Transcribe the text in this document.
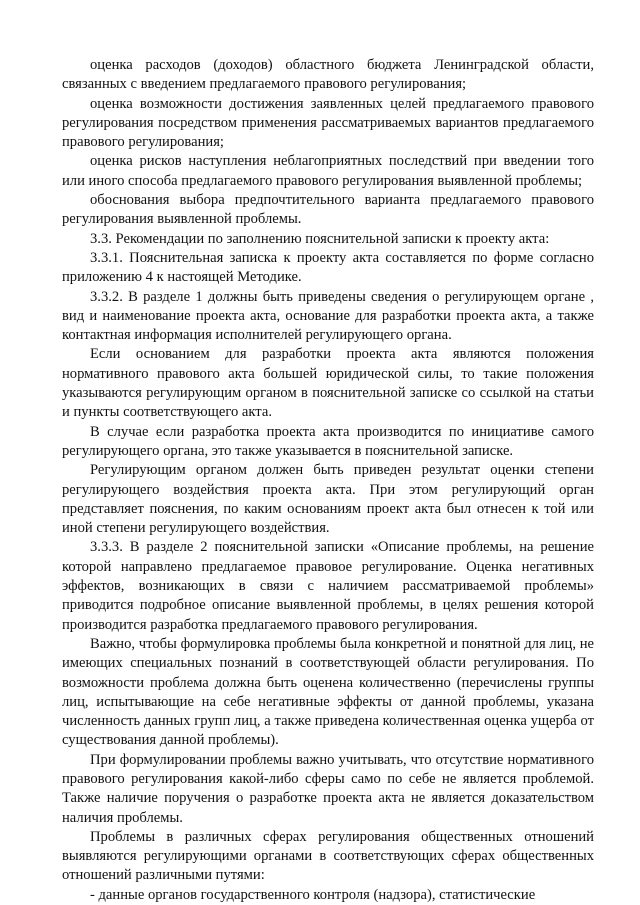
оценка расходов (доходов) областного бюджета Ленинградской области, связанных с введением предлагаемого правового регулирования;

оценка возможности достижения заявленных целей предлагаемого правового регулирования посредством применения рассматриваемых вариантов предлагаемого правового регулирования;

оценка рисков наступления неблагоприятных последствий при введении того или иного способа предлагаемого правового регулирования выявленной проблемы;

обоснования выбора предпочтительного варианта предлагаемого правового регулирования выявленной проблемы.

3.3. Рекомендации по заполнению пояснительной записки к проекту акта:

3.3.1. Пояснительная записка к проекту акта составляется по форме согласно приложению 4 к настоящей Методике.

3.3.2. В разделе 1 должны быть приведены сведения о регулирующем органе , вид и наименование проекта акта, основание для разработки проекта акта, а также контактная информация исполнителей регулирующего органа.

Если основанием для разработки проекта акта являются положения нормативного правового акта большей юридической силы, то такие положения указываются регулирующим органом в пояснительной записке со ссылкой на статьи и пункты соответствующего акта.

В случае если разработка проекта акта производится по инициативе самого регулирующего органа, это также указывается в пояснительной записке.

Регулирующим органом должен быть приведен результат оценки степени регулирующего воздействия проекта акта. При этом регулирующий орган представляет пояснения, по каким основаниям проект акта был отнесен к той или иной степени регулирующего воздействия.

3.3.3. В разделе 2 пояснительной записки «Описание проблемы, на решение которой направлено предлагаемое правовое регулирование. Оценка негативных эффектов, возникающих в связи с наличием рассматриваемой проблемы» приводится подробное описание выявленной проблемы, в целях решения которой производится разработка предлагаемого правового регулирования.

Важно, чтобы формулировка проблемы была конкретной и понятной для лиц, не имеющих специальных познаний в соответствующей области регулирования. По возможности проблема должна быть оценена количественно (перечислены группы лиц, испытывающие на себе негативные эффекты от данной проблемы, указана численность данных групп лиц, а также приведена количественная оценка ущерба от существования данной проблемы).

При формулировании проблемы важно учитывать, что отсутствие нормативного правового регулирования какой-либо сферы само по себе не является проблемой. Также наличие поручения о разработке проекта акта не является доказательством наличия проблемы.

Проблемы в различных сферах регулирования общественных отношений выявляются регулирующими органами в соответствующих сферах общественных отношений различными путями:

- данные органов государственного контроля (надзора), статистические
